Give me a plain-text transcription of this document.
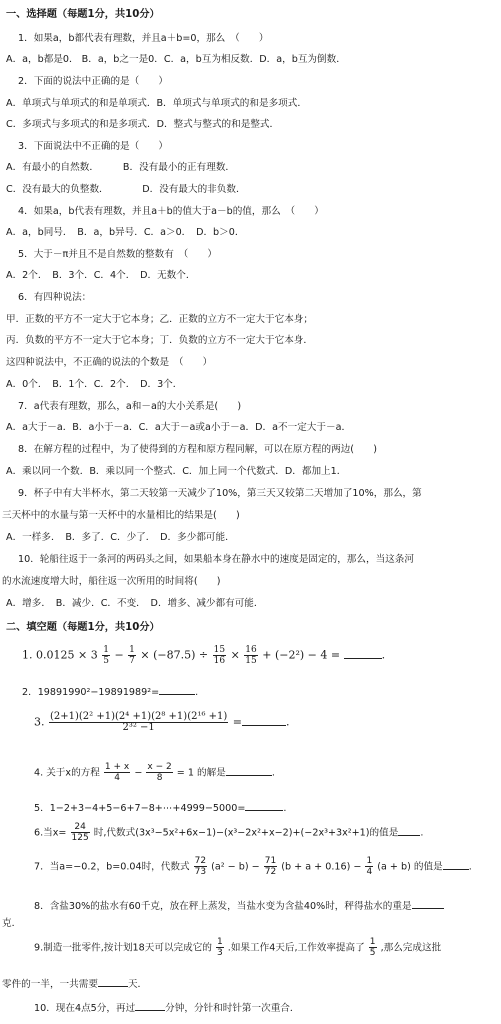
一、选择题（每题1分，共10分）
1．如果a，b都代表有理数，并且a＋b=0，那么　（　　）
A．a，b都是0． B．a，b之一是0．C．a，b互为相反数．D．a，b互为倒数．
2．下面的说法中正确的是（　　）
A．单项式与单项式的和是单项式．B．单项式与单项式的和是多项式．
C．多项式与多项式的和是多项式．D．整式与整式的和是整式．
3．下面说法中不正确的是（　　）
A．有最小的自然数．　　　B．没有最小的正有理数．
C．没有最大的负整数．　　　　D．没有最大的非负数．
4．如果a，b代表有理数，并且a＋b的值大于a－b的值，那么　（　　）
A．a，b同号．　B．a，b异号．C．a＞0．　D．b＞0．
5．大于－π并且不是自然数的整数有　（　　）
A．2个．　B．3个．C．4个．　D．无数个．
6．有四种说法：
甲．正数的平方不一定大于它本身；乙．正数的立方不一定大于它本身；
丙．负数的平方不一定大于它本身；丁．负数的立方不一定大于它本身．
这四种说法中，不正确的说法的个数是　（　　）
A．0个．　B．1个．C．2个．　D．3个．
7．a代表有理数，那么，a和－a的大小关系是(　　)
A．a大于－a．B．a小于－a．C．a大于－a或a小于－a．D．a不一定大于－a．
8．在解方程的过程中，为了使得到的方程和原方程同解，可以在原方程的两边(　　)
A．乘以同一个数．B．乘以同一个整式．C．加上同一个代数式．D．都加上1．
9．杯子中有大半杯水，第二天较第一天减少了10%，第三天又较第二天增加了10%，那么，第
三天杯中的水量与第一天杯中的水量相比的结果是(　　)
A．一样多．　B．多了．C．少了．　D．多少都可能．
10．轮船往返于一条河的两码头之间，如果船本身在静水中的速度是固定的，那么，当这条河
的水流速度增大时，船往返一次所用的时间将(　　)
A．增多．　B．减少．C．不变．　D．增多、减少都有可能．
二、填空题（每题1分，共10分）
1. $0.0125 \times 3 \frac{1}{5} - \frac{1}{7} \times (-87.5) \div \frac{15}{16} \times \frac{16}{15} + (-2^2) - 4$ =	.
2．19891990²−19891989²=	.
3. $\frac{\text{(2+1)(2² +1)(2⁴ +1)(2⁸ +1)(2¹⁶ +1)}}{\text{2³² −1}}$ =	.
4. 关于x的方程 $\frac{1 + x}{4} - \frac{x - 2}{8} = 1$ 的解是	.
5．1−2+3−4+5−6+7−8+⋯+4999−5000=	.
6.当$x= \frac{24}{125}$ 时,代数式(3x³−5x²+6x−1)−(x³−2x²+x−2)+(−2x³+3x²+1)的值是 .
7．当a=−0.2，b=0.04时，代数式 $\frac{72}{73} (a^2 - b) - \frac{71}{72} (b + a + 0.16) - \frac{1}{4} (a + b)$ 的值是	.
8．含盐30%的盐水有60千克，放在秤上蒸发，当盐水变为含盐40%时，秤得盐水的重是
克．
9.制造一批零件,按计划18天可以完成它的 $\frac{1}{3}$ .如果工作4天后,工作效率提高了 $\frac{1}{5}$ ,那么完成这批
零件的一半，一共需要	天．
10．现在4点5分，再过	分钟，分针和时针第一次重合．
